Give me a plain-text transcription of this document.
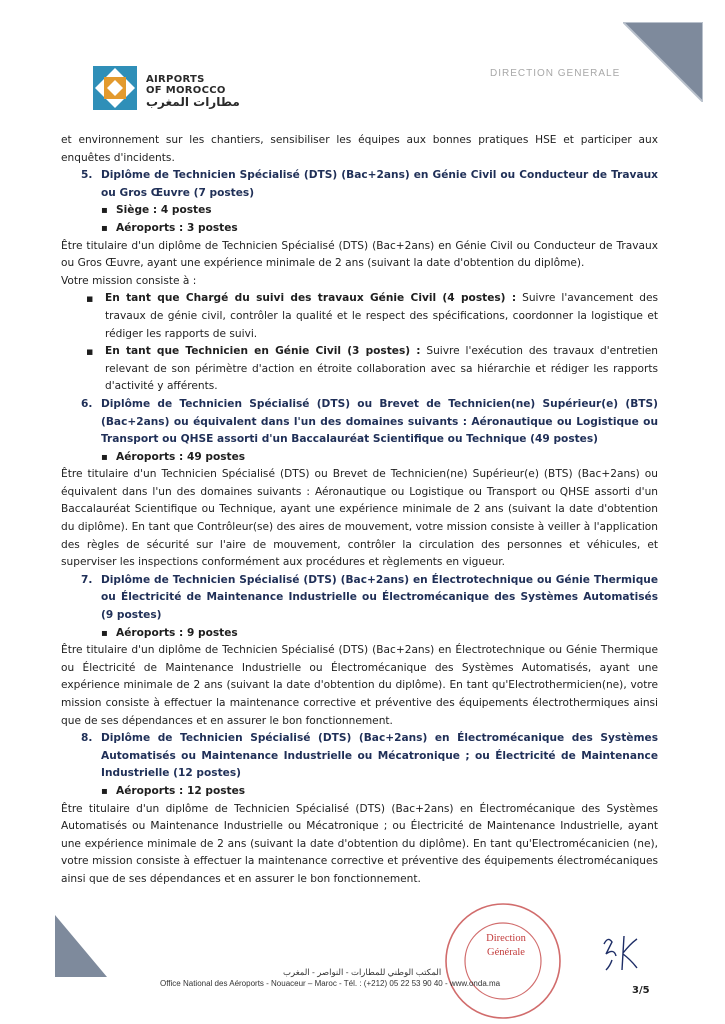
AIRPORTS
OF MOROCCO
مطارات المغرب
DIRECTION GENERALE

et environnement sur les chantiers, sensibiliser les équipes aux bonnes pratiques HSE et participer aux enquêtes d'incidents.

5. Diplôme de Technicien Spécialisé (DTS) (Bac+2ans) en Génie Civil ou Conducteur de Travaux ou Gros Œuvre (7 postes)
▪ Siège : 4 postes
▪ Aéroports : 3 postes

Être titulaire d'un diplôme de Technicien Spécialisé (DTS) (Bac+2ans) en Génie Civil ou Conducteur de Travaux ou Gros Œuvre, ayant une expérience minimale de 2 ans (suivant la date d'obtention du diplôme).

Votre mission consiste à :

▪ En tant que Chargé du suivi des travaux Génie Civil (4 postes) : Suivre l'avancement des travaux de génie civil, contrôler la qualité et le respect des spécifications, coordonner la logistique et rédiger les rapports de suivi.
▪ En tant que Technicien en Génie Civil (3 postes) : Suivre l'exécution des travaux d'entretien relevant de son périmètre d'action en étroite collaboration avec sa hiérarchie et rédiger les rapports d'activité y afférents.
6. Diplôme de Technicien Spécialisé (DTS) ou Brevet de Technicien(ne) Supérieur(e) (BTS) (Bac+2ans) ou équivalent dans l'un des domaines suivants : Aéronautique ou Logistique ou Transport ou QHSE assorti d'un Baccalauréat Scientifique ou Technique (49 postes)
▪ Aéroports : 49 postes

Être titulaire d'un Technicien Spécialisé (DTS) ou Brevet de Technicien(ne) Supérieur(e) (BTS) (Bac+2ans) ou équivalent dans l'un des domaines suivants : Aéronautique ou Logistique ou Transport ou QHSE assorti d'un Baccalauréat Scientifique ou Technique, ayant une expérience minimale de 2 ans (suivant la date d'obtention du diplôme). En tant que Contrôleur(se) des aires de mouvement, votre mission consiste à veiller à l'application des règles de sécurité sur l'aire de mouvement, contrôler la circulation des personnes et véhicules, et superviser les inspections conformément aux procédures et règlements en vigueur.

7. Diplôme de Technicien Spécialisé (DTS) (Bac+2ans) en Électrotechnique ou Génie Thermique ou Électricité de Maintenance Industrielle ou Électromécanique des Systèmes Automatisés (9 postes)
▪ Aéroports : 9 postes

Être titulaire d'un diplôme de Technicien Spécialisé (DTS) (Bac+2ans) en Électrotechnique ou Génie Thermique ou Électricité de Maintenance Industrielle ou Électromécanique des Systèmes Automatisés, ayant une expérience minimale de 2 ans (suivant la date d'obtention du diplôme). En tant qu'Electrothermicien(ne), votre mission consiste à effectuer la maintenance corrective et préventive des équipements électrothermiques ainsi que de ses dépendances et en assurer le bon fonctionnement.

8. Diplôme de Technicien Spécialisé (DTS) (Bac+2ans) en Électromécanique des Systèmes Automatisés ou Maintenance Industrielle ou Mécatronique ; ou Électricité de Maintenance Industrielle (12 postes)
▪ Aéroports : 12 postes

Être titulaire d'un diplôme de Technicien Spécialisé (DTS) (Bac+2ans) en Électromécanique des Systèmes Automatisés ou Maintenance Industrielle ou Mécatronique ; ou Électricité de Maintenance Industrielle, ayant une expérience minimale de 2 ans (suivant la date d'obtention du diplôme). En tant qu'Electromécanicien (ne), votre mission consiste à effectuer la maintenance corrective et préventive des équipements électromécaniques ainsi que de ses dépendances et en assurer le bon fonctionnement.

Direction
Générale
المكتب الوطني للمطارات - النواصر - المغرب
Office National des Aéroports - Nouaceur – Maroc - Tél. : (+212) 05 22 53 90 40 - www.onda.ma
3/5
